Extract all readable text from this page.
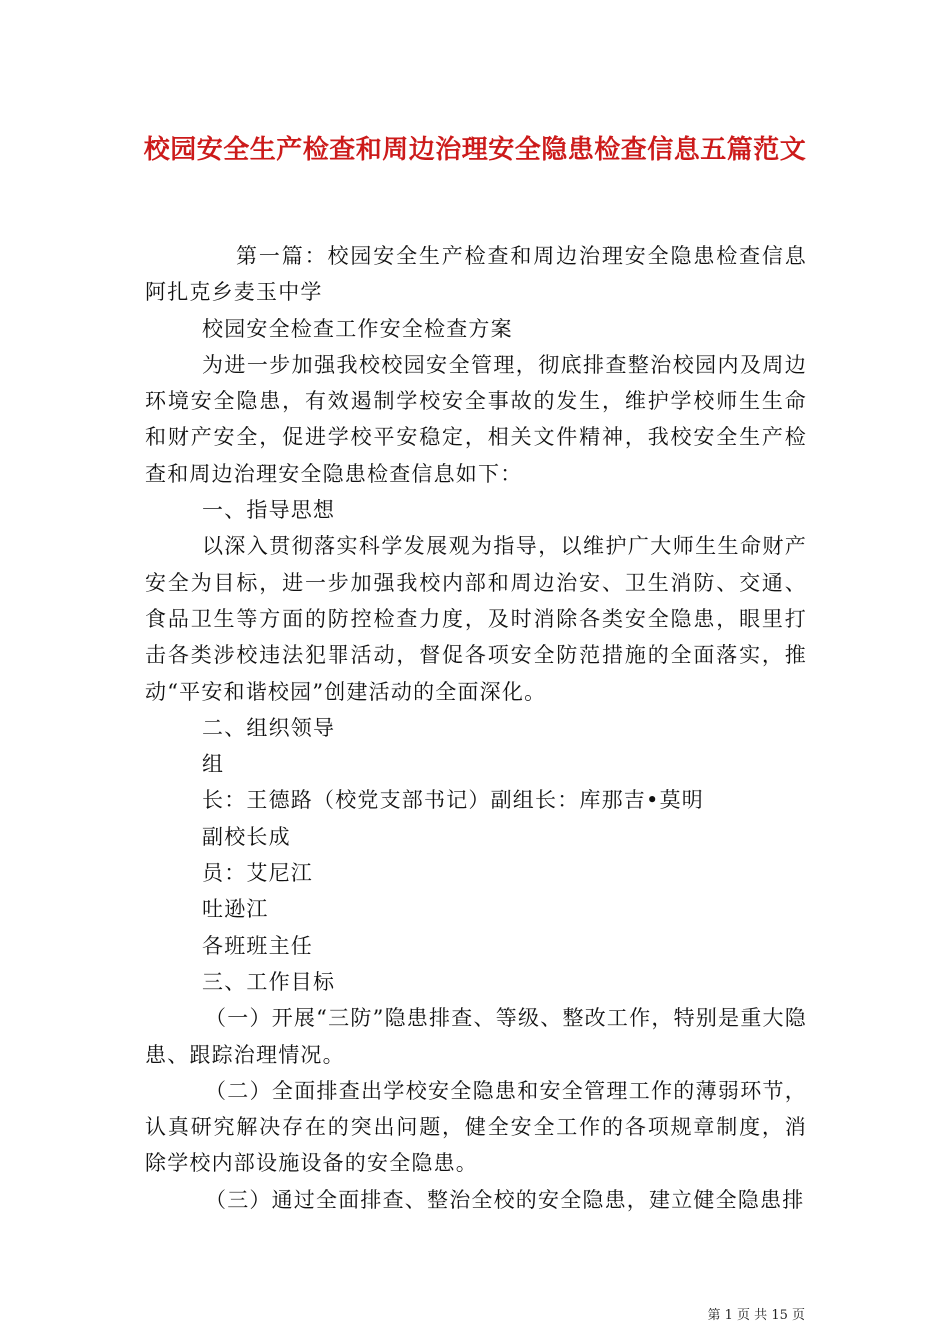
校园安全生产检查和周边治理安全隐患检查信息五篇范文

第一篇：校园安全生产检查和周边治理安全隐患检查信息阿扎克乡麦玉中学

校园安全检查工作安全检查方案

为进一步加强我校校园安全管理，彻底排查整治校园内及周边环境安全隐患，有效遏制学校安全事故的发生，维护学校师生生命和财产安全，促进学校平安稳定，相关文件精神，我校安全生产检查和周边治理安全隐患检查信息如下：

一、指导思想

以深入贯彻落实科学发展观为指导，以维护广大师生生命财产安全为目标，进一步加强我校内部和周边治安、卫生消防、交通、食品卫生等方面的防控检查力度，及时消除各类安全隐患，眼里打击各类涉校违法犯罪活动，督促各项安全防范措施的全面落实，推动“平安和谐校园”创建活动的全面深化。

二、组织领导

组

长：王德路（校党支部书记）副组长：库那吉•莫明

副校长成

员：艾尼江

吐逊江

各班班主任

三、工作目标

（一）开展“三防”隐患排查、等级、整改工作，特别是重大隐患、跟踪治理情况。

（二）全面排查出学校安全隐患和安全管理工作的薄弱环节，认真研究解决存在的突出问题，健全安全工作的各项规章制度，消除学校内部设施设备的安全隐患。

（三）通过全面排查、整治全校的安全隐患，建立健全隐患排

第 1 页 共 15 页
